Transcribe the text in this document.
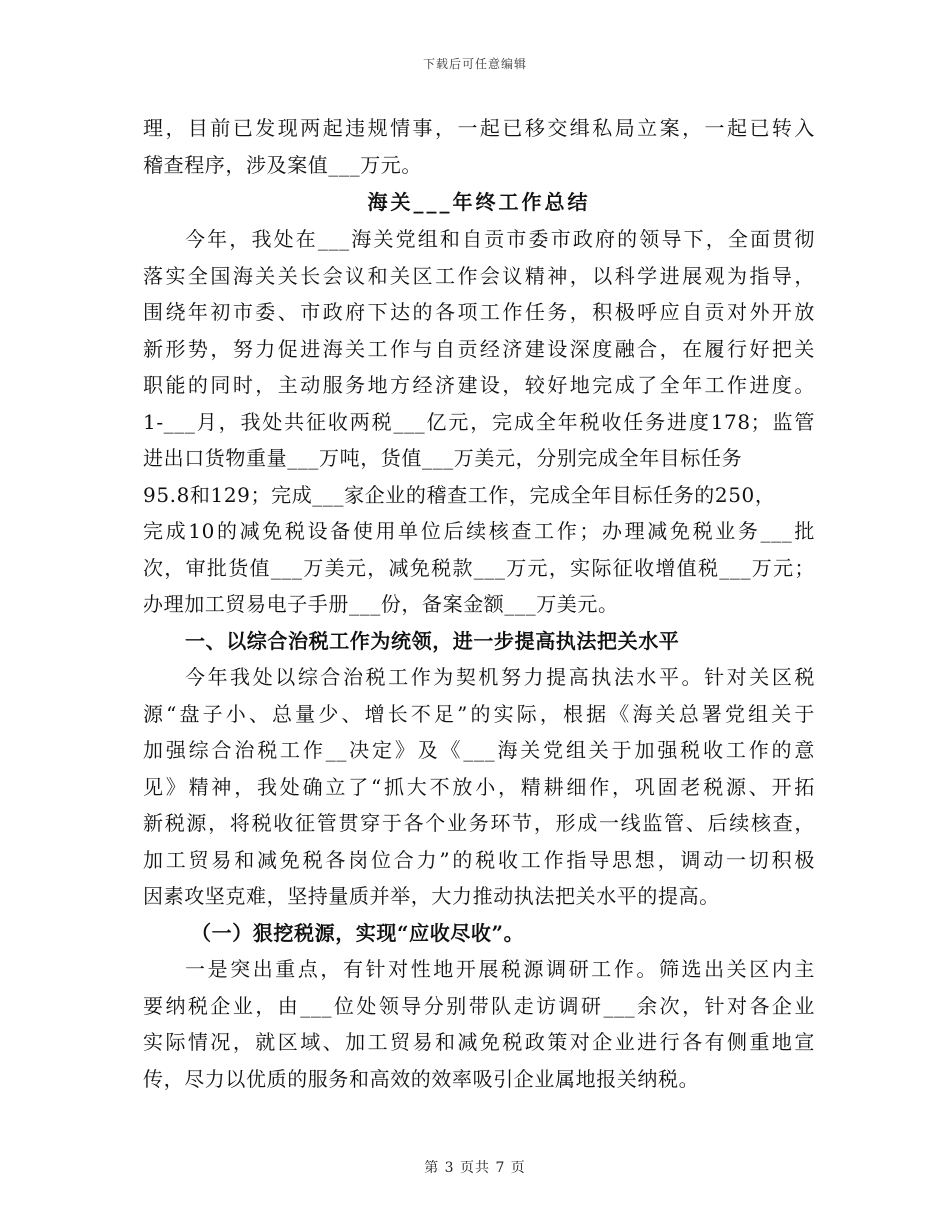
下载后可任意编辑
理，目前已发现两起违规情事，一起已移交缉私局立案，一起已转入
稽查程序，涉及案值___万元。
海关___年终工作总结
今年，我处在___海关党组和自贡市委市政府的领导下，全面贯彻
落实全国海关关长会议和关区工作会议精神，以科学进展观为指导，
围绕年初市委、市政府下达的各项工作任务，积极呼应自贡对外开放
新形势，努力促进海关工作与自贡经济建设深度融合，在履行好把关
职能的同时，主动服务地方经济建设，较好地完成了全年工作进度。
1-___月，我处共征收两税___亿元，完成全年税收任务进度178；监管
进出口货物重量___万吨，货值___万美元，分别完成全年目标任务
95.8和129；完成___家企业的稽查工作，完成全年目标任务的250，
完成10的减免税设备使用单位后续核查工作；办理减免税业务___批
次，审批货值___万美元，减免税款___万元，实际征收增值税___万元；
办理加工贸易电子手册___份，备案金额___万美元。
一、以综合治税工作为统领，进一步提高执法把关水平
今年我处以综合治税工作为契机努力提高执法水平。针对关区税
源“盘子小、总量少、增长不足”的实际，根据《海关总署党组关于
加强综合治税工作__决定》及《___海关党组关于加强税收工作的意
见》精神，我处确立了“抓大不放小，精耕细作，巩固老税源、开拓
新税源，将税收征管贯穿于各个业务环节，形成一线监管、后续核查，
加工贸易和减免税各岗位合力”的税收工作指导思想，调动一切积极
因素攻坚克难，坚持量质并举，大力推动执法把关水平的提高。
（一）狠挖税源，实现“应收尽收”。
一是突出重点，有针对性地开展税源调研工作。筛选出关区内主
要纳税企业，由___位处领导分别带队走访调研___余次，针对各企业
实际情况，就区域、加工贸易和减免税政策对企业进行各有侧重地宣
传，尽力以优质的服务和高效的效率吸引企业属地报关纳税。
第 3 页共 7 页
